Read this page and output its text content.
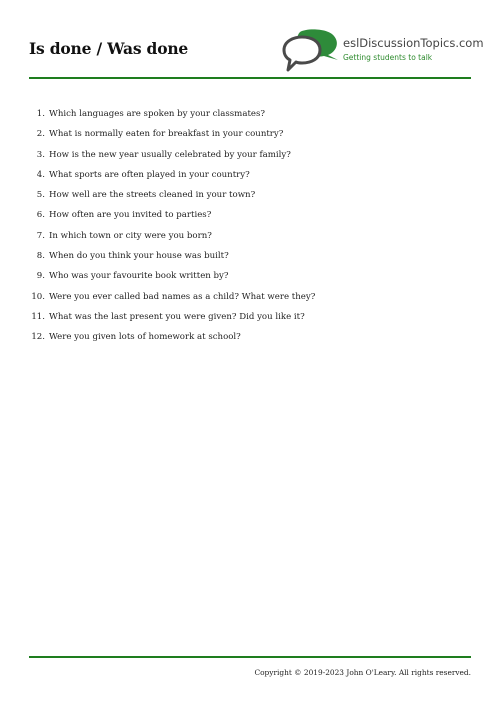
Is done / Was done	eslDiscussionTopics.com
Getting students to talk
1. Which languages are spoken by your classmates?
2. What is normally eaten for breakfast in your country?
3. How is the new year usually celebrated by your family?
4. What sports are often played in your country?
5. How well are the streets cleaned in your town?
6. How often are you invited to parties?
7. In which town or city were you born?
8. When do you think your house was built?
9. Who was your favourite book written by?
10. Were you ever called bad names as a child? What were they?
11. What was the last present you were given? Did you like it?
12. Were you given lots of homework at school?
Copyright © 2019-2023 John O'Leary. All rights reserved.
